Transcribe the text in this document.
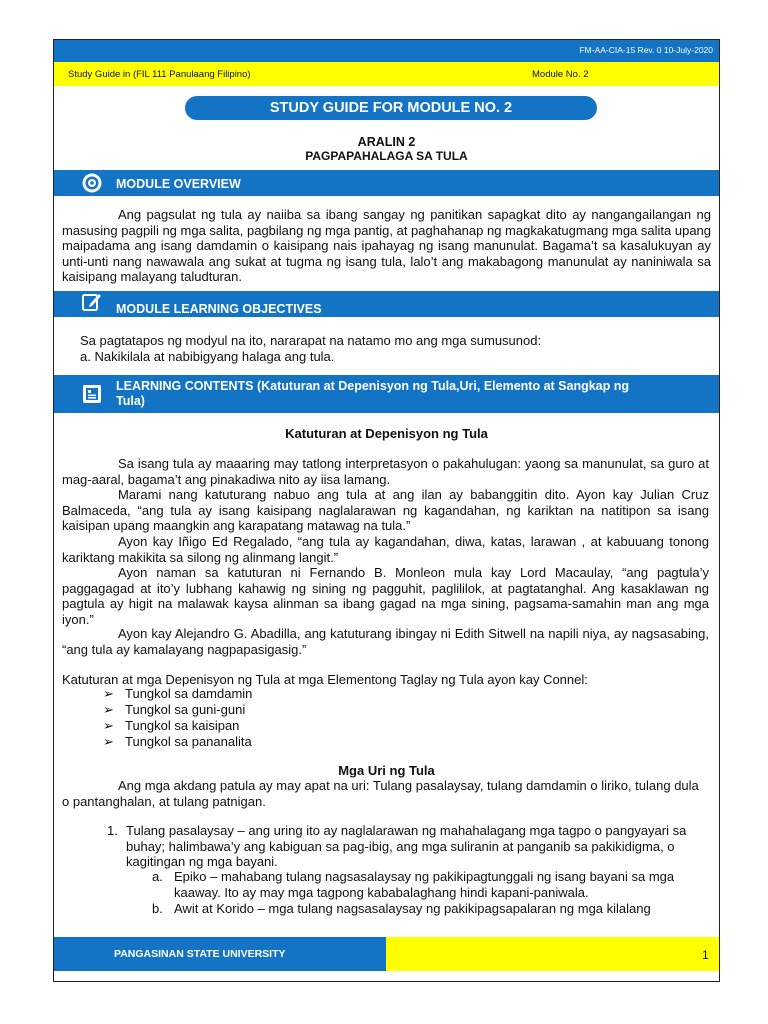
FM-AA-CIA-15 Rev. 0 10-July-2020
Study Guide in (FIL 111 Panulaang Filipino)	Module No. 2
STUDY GUIDE FOR MODULE NO. 2
ARALIN 2
PAGPAPAHALAGA SA TULA
MODULE OVERVIEW
Ang pagsulat ng tula ay naiiba sa ibang sangay ng panitikan sapagkat dito ay nangangailangan ng masusing pagpili ng mga salita, pagbilang ng mga pantig, at paghahanap ng magkakatugmang mga salita upang maipadama ang isang damdamin o kaisipang nais ipahayag ng isang manunulat. Bagama’t sa kasalukuyan ay unti-unti nang nawawala ang sukat at tugma ng isang tula, lalo’t ang makabagong manunulat ay naniniwala sa kaisipang malayang taludturan.
MODULE LEARNING OBJECTIVES
Sa pagtatapos ng modyul na ito, nararapat na natamo mo ang mga sumusunod:
a. Nakikilala at nabibigyang halaga ang tula.
LEARNING CONTENTS (Katuturan at Depenisyon ng Tula,Uri, Elemento at Sangkap ng
Tula)
Katuturan at Depenisyon ng Tula
Sa isang tula ay maaaring may tatlong interpretasyon o pakahulugan: yaong sa manunulat, sa guro at mag-aaral, bagama’t ang pinakadiwa nito ay iisa lamang.
Marami nang katuturang nabuo ang tula at ang ilan ay babanggitin dito. Ayon kay Julian Cruz Balmaceda, “ang tula ay isang kaisipang naglalarawan ng kagandahan, ng kariktan na natitipon sa isang kaisipan upang maangkin ang karapatang matawag na tula.”
Ayon kay Iñigo Ed Regalado, “ang tula ay kagandahan, diwa, katas, larawan , at kabuuang tonong kariktang makikita sa silong ng alinmang langit.”
Ayon naman sa katuturan ni Fernando B. Monleon mula kay Lord Macaulay, “ang pagtula’y paggagagad at ito’y lubhang kahawig ng sining ng pagguhit, paglililok, at pagtatanghal. Ang kasaklawan ng pagtula ay higit na malawak kaysa alinman sa ibang gagad na mga sining, pagsama-samahin man ang mga iyon.”
Ayon kay Alejandro G. Abadilla, ang katuturang ibingay ni Edith Sitwell na napili niya, ay nagsasabing, “ang tula ay kamalayang nagpapasigasig.”
Katuturan at mga Depenisyon ng Tula at mga Elementong Taglay ng Tula ayon kay Connel:
➢ Tungkol sa damdamin
➢ Tungkol sa guni-guni
➢ Tungkol sa kaisipan
➢ Tungkol sa pananalita
Mga Uri ng Tula
Ang mga akdang patula ay may apat na uri: Tulang pasalaysay, tulang damdamin o liriko, tulang dula o pantanghalan, at tulang patnigan.
1. Tulang pasalaysay – ang uring ito ay naglalarawan ng mahahalagang mga tagpo o pangyayari sa buhay; halimbawa’y ang kabiguan sa pag-ibig, ang mga suliranin at panganib sa pakikidigma, o kagitingan ng mga bayani.
a. Epiko – mahabang tulang nagsasalaysay ng pakikipagtunggali ng isang bayani sa mga kaaway. Ito ay may mga tagpong kababalaghang hindi kapani-paniwala.
b. Awit at Korido – mga tulang nagsasalaysay ng pakikipagsapalaran ng mga kilalang
PANGASINAN STATE UNIVERSITY	1
